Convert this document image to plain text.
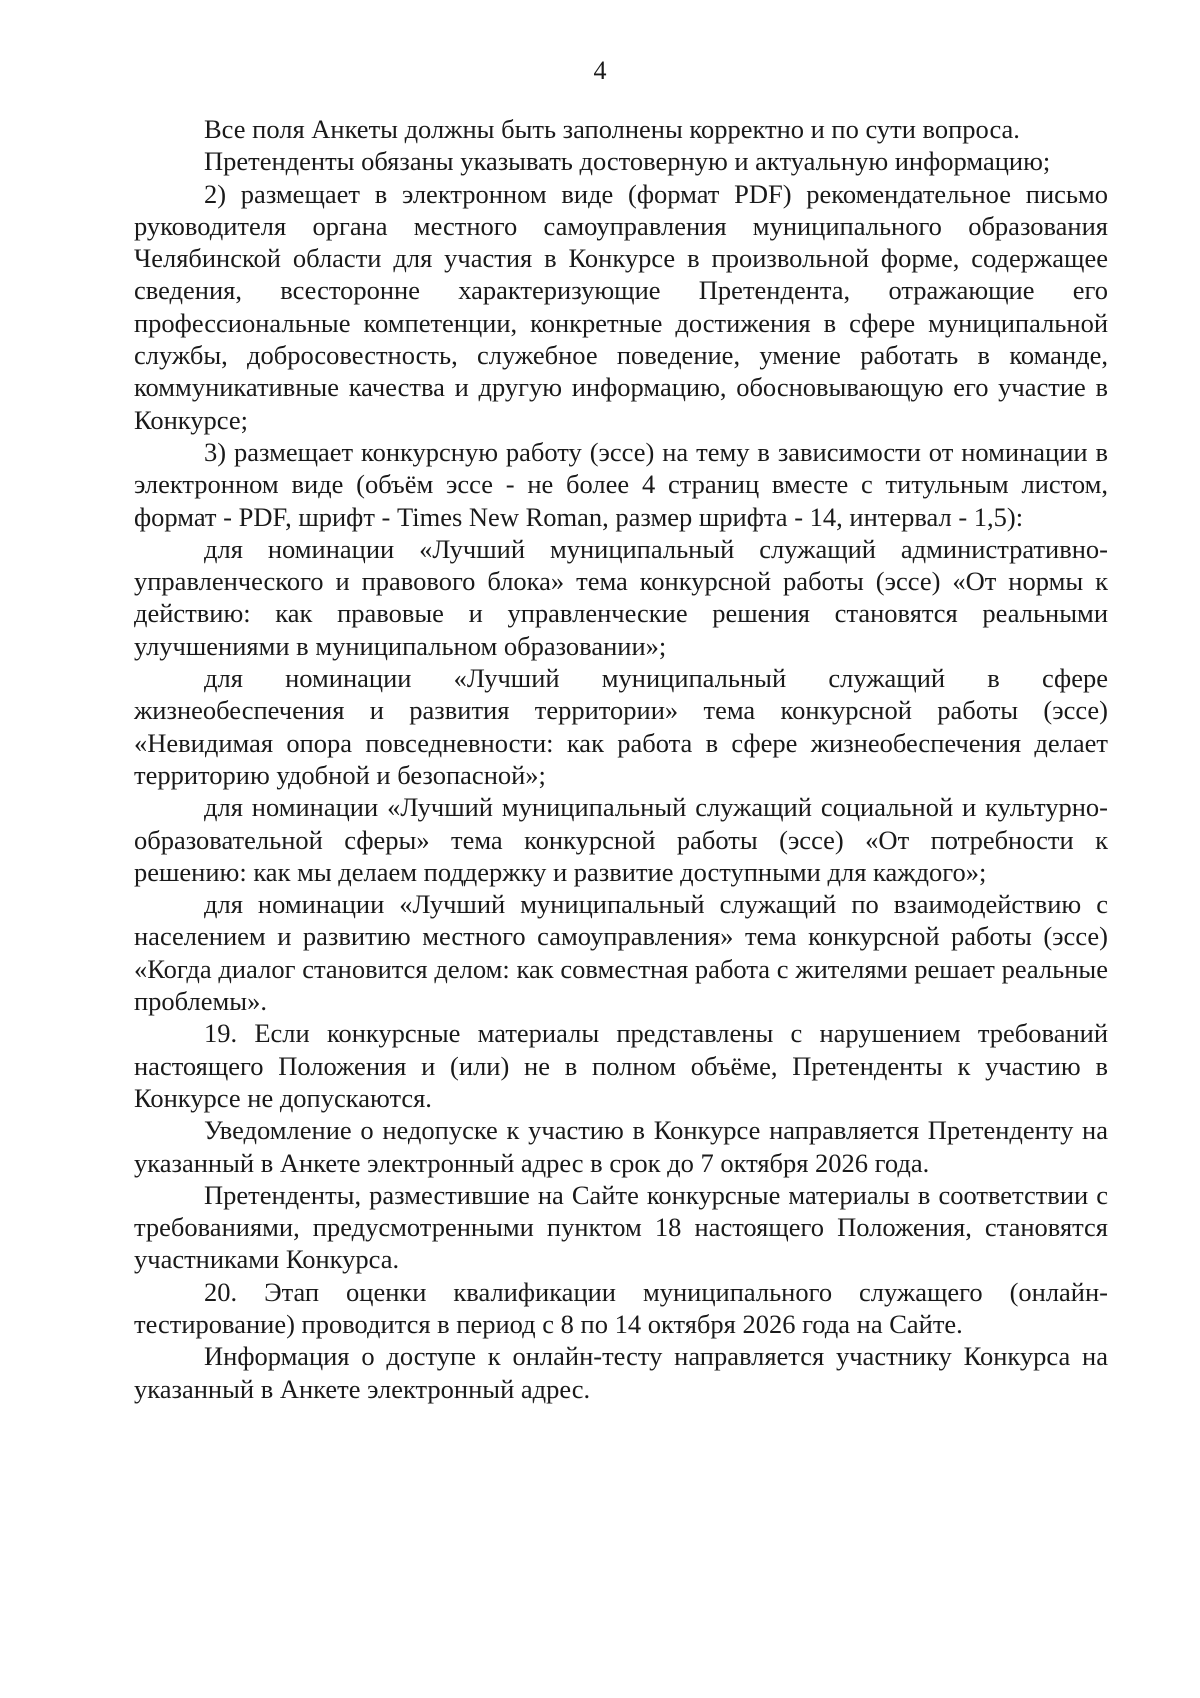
4

Все поля Анкеты должны быть заполнены корректно и по сути вопроса.

Претенденты обязаны указывать достоверную и актуальную информацию;

2) размещает в электронном виде (формат PDF) рекомендательное письмо руководителя органа местного самоуправления муниципального образования Челябинской области для участия в Конкурсе в произвольной форме, содержащее сведения, всесторонне характеризующие Претендента, отражающие его профессиональные компетенции, конкретные достижения в сфере муниципальной службы, добросовестность, служебное поведение, умение работать в команде, коммуникативные качества и другую информацию, обосновывающую его участие в Конкурсе;

3) размещает конкурсную работу (эссе) на тему в зависимости от номинации в электронном виде (объём эссе - не более 4 страниц вместе с титульным листом, формат - PDF, шрифт - Times New Roman, размер шрифта - 14, интервал - 1,5):

для номинации «Лучший муниципальный служащий административно-управленческого и правового блока» тема конкурсной работы (эссе) «От нормы к действию: как правовые и управленческие решения становятся реальными улучшениями в муниципальном образовании»;

для номинации «Лучший муниципальный служащий в сфере жизнеобеспечения и развития территории» тема конкурсной работы (эссе) «Невидимая опора повседневности: как работа в сфере жизнеобеспечения делает территорию удобной и безопасной»;

для номинации «Лучший муниципальный служащий социальной и культурно-образовательной сферы» тема конкурсной работы (эссе) «От потребности к решению: как мы делаем поддержку и развитие доступными для каждого»;

для номинации «Лучший муниципальный служащий по взаимодействию с населением и развитию местного самоуправления» тема конкурсной работы (эссе) «Когда диалог становится делом: как совместная работа с жителями решает реальные проблемы».

19. Если конкурсные материалы представлены с нарушением требований настоящего Положения и (или) не в полном объёме, Претенденты к участию в Конкурсе не допускаются.

Уведомление о недопуске к участию в Конкурсе направляется Претенденту на указанный в Анкете электронный адрес в срок до 7 октября 2026 года.

Претенденты, разместившие на Сайте конкурсные материалы в соответствии с требованиями, предусмотренными пунктом 18 настоящего Положения, становятся участниками Конкурса.

20. Этап оценки квалификации муниципального служащего (онлайн-тестирование) проводится в период с 8 по 14 октября 2026 года на Сайте.

Информация о доступе к онлайн-тесту направляется участнику Конкурса на указанный в Анкете электронный адрес.
